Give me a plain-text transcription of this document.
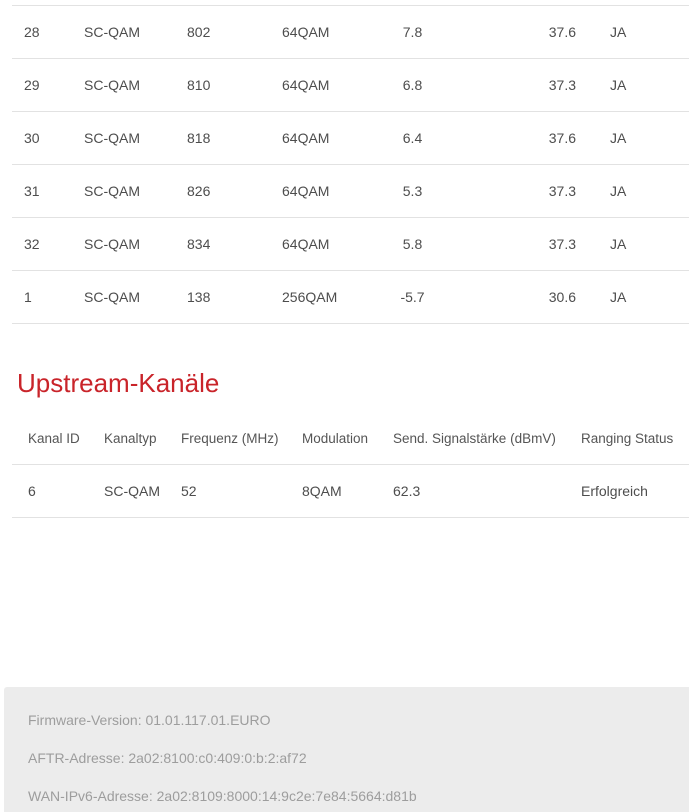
28	SC-QAM	802	64QAM	7.8	37.6	JA
29	SC-QAM	810	64QAM	6.8	37.3	JA
30	SC-QAM	818	64QAM	6.4	37.6	JA
31	SC-QAM	826	64QAM	5.3	37.3	JA
32	SC-QAM	834	64QAM	5.8	37.3	JA
1	SC-QAM	138	256QAM	-5.7	30.6	JA
Upstream-Kanäle
Kanal ID	Kanaltyp	Frequenz (MHz)	Modulation	Send. Signalstärke (dBmV)	Ranging Status
6	SC-QAM	52	8QAM	62.3	Erfolgreich

Firmware-Version: 01.01.117.01.EURO

AFTR-Adresse: 2a02:8100:c0:409:0:b:2:af72

WAN-IPv6-Adresse: 2a02:8109:8000:14:9c2e:7e84:5664:d81b
